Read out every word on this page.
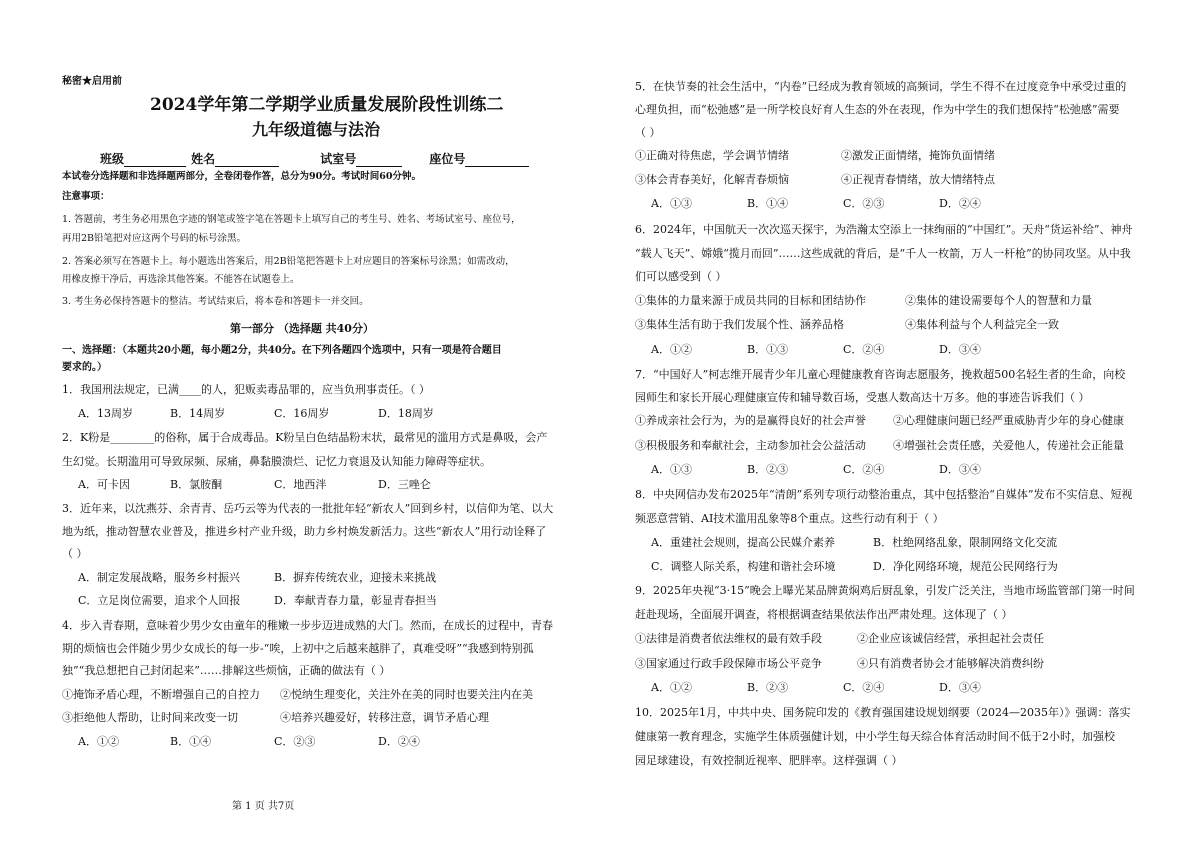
秘密★启用前
2024学年第二学期学业质量发展阶段性训练二
九年级道德与法治
班级	姓名	试室号	座位号
本试卷分选择题和非选择题两部分，全卷闭卷作答，总分为90分。考试时间60分钟。
注意事项：
1. 答题前，考生务必用黑色字迹的钢笔或签字笔在答题卡上填写自己的考生号、姓名、考场试室号、座位号，
再用2B铅笔把对应这两个号码的标号涂黑。
2. 答案必须写在答题卡上。每小题选出答案后，用2B铅笔把答题卡上对应题目的答案标号涂黑；如需改动，
用橡皮擦干净后，再选涂其他答案。不能答在试题卷上。
3. 考生务必保持答题卡的整洁。考试结束后，将本卷和答题卡一并交回。
第一部分 （选择题 共40分）
一、选择题：（本题共20小题，每小题2分，共40分。在下列各题四个选项中，只有一项是符合题目
要求的。）
1．我国刑法规定，已满____的人，犯贩卖毒品罪的，应当负刑事责任。（ ）
A．13周岁	B．14周岁	C．16周岁	D．18周岁
2．K粉是________的俗称，属于合成毒品。K粉呈白色结晶粉末状，最常见的滥用方式是鼻吸，会产
生幻觉。长期滥用可导致尿频、尿痛，鼻黏膜溃烂、记忆力衰退及认知能力障碍等症状。
A．可卡因	B．氯胺酮	C．地西泮	D．三唑仑
3．近年来，以沈燕芬、余青青、岳巧云等为代表的一批批年轻“新农人”回到乡村，以信仰为笔、以大
地为纸，推动智慧农业普及，推进乡村产业升级，助力乡村焕发新活力。这些“新农人”用行动诠释了
（ ）
A．制定发展战略，服务乡村振兴	B．摒弃传统农业，迎接未来挑战
C．立足岗位需要，追求个人回报	D．奉献青春力量，彰显青春担当
4．步入青春期，意味着少男少女由童年的稚嫩一步步迈进成熟的大门。然而，在成长的过程中，青春
期的烦恼也会伴随少男少女成长的每一步-“唉，上初中之后越来越胖了，真难受呀”“我感到特别孤
独”“我总想把自己封闭起来”……排解这些烦恼，正确的做法有（ ）
①掩饰矛盾心理，不断增强自己的自控力 ②悦纳生理变化，关注外在美的同时也要关注内在美
③拒绝他人帮助，让时间来改变一切	④培养兴趣爱好，转移注意，调节矛盾心理
A．①②	B．①④	C．②③	D．②④
第 1 页 共7页
5．在快节奏的社会生活中，“内卷”已经成为教育领域的高频词，学生不得不在过度竞争中承受过重的
心理负担，而“松弛感”是一所学校良好育人生态的外在表现，作为中学生的我们想保持“松弛感”需要
（ ）
①正确对待焦虑，学会调节情绪	②激发正面情绪，掩饰负面情绪
③体会青春美好，化解青春烦恼	④正视青春情绪，放大情绪特点
A．①③	B．①④	C．②③	D．②④
6．2024年，中国航天一次次巡天探宇，为浩瀚太空添上一抹绚丽的“中国红”。天舟“货运补给”、神舟
“载人飞天”、嫦娥“揽月而回”……这些成就的背后，是“千人一枚箭，万人一杆枪”的协同攻坚。从中我
们可以感受到（ ）
①集体的力量来源于成员共同的目标和团结协作	②集体的建设需要每个人的智慧和力量
③集体生活有助于我们发展个性、涵养品格	④集体利益与个人利益完全一致
A．①②	B．①③	C．②④	D．③④
7．“中国好人”柯志维开展青少年儿童心理健康教育咨询志愿服务，挽救超500名轻生者的生命，向校
园师生和家长开展心理健康宣传和辅导数百场，受惠人数高达十万多。他的事迹告诉我们（ ）
①养成亲社会行为，为的是赢得良好的社会声誉 ②心理健康问题已经严重威胁青少年的身心健康
③积极服务和奉献社会，主动参加社会公益活动 ④增强社会责任感，关爱他人，传递社会正能量
A．①③	B．②③	C．②④	D．③④
8．中央网信办发布2025年“清朗”系列专项行动整治重点，其中包括整治“自媒体”发布不实信息、短视
频恶意营销、AI技术滥用乱象等8个重点。这些行动有利于（ ）
A．重建社会规则，提高公民媒介素养	B．杜绝网络乱象，限制网络文化交流
C．调整人际关系，构建和谐社会环境	D．净化网络环境，规范公民网络行为
9．2025年央视“3·15”晚会上曝光某品牌黄焖鸡后厨乱象，引发广泛关注，当地市场监管部门第一时间
赶赴现场，全面展开调查，将根据调查结果依法作出严肃处理。这体现了（ ）
①法律是消费者依法维权的最有效手段	②企业应该诚信经营，承担起社会责任
③国家通过行政手段保障市场公平竞争	④只有消费者协会才能够解决消费纠纷
A．①②	B．②③	C．②④	D．③④
10．2025年1月，中共中央、国务院印发的《教育强国建设规划纲要（2024—2035年）》强调：落实
健康第一教育理念，实施学生体质强健计划，中小学生每天综合体育活动时间不低于2小时，加强校
园足球建设，有效控制近视率、肥胖率。这样强调（ ）
